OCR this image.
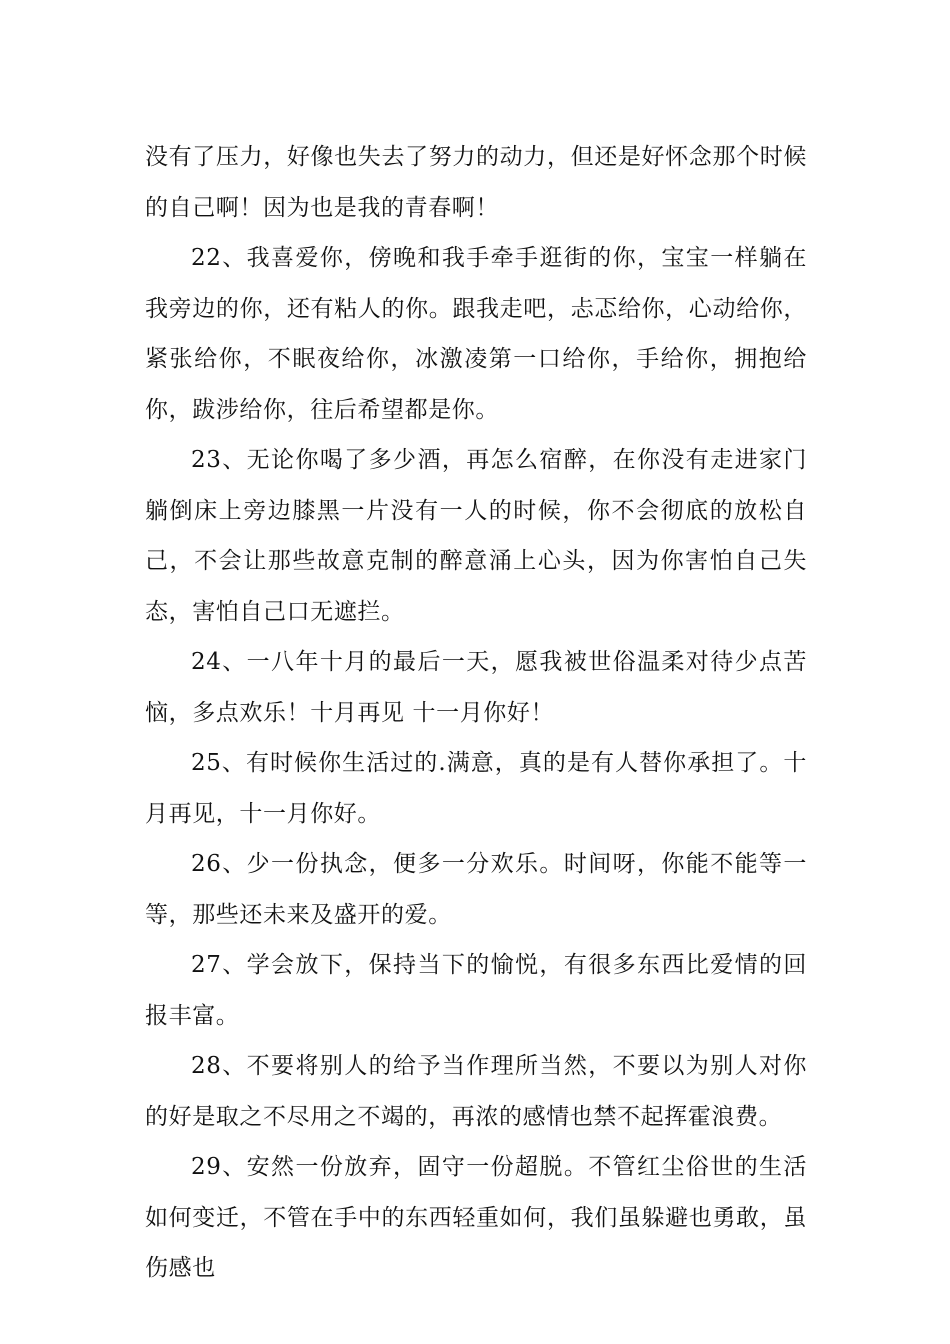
没有了压力，好像也失去了努力的动力，但还是好怀念那个时候的自己啊！因为也是我的青春啊！

22、我喜爱你，傍晚和我手牵手逛街的你，宝宝一样躺在我旁边的你，还有粘人的你。跟我走吧，忐忑给你，心动给你，紧张给你，不眠夜给你，冰激凌第一口给你，手给你，拥抱给你，跋涉给你，往后希望都是你。

23、无论你喝了多少酒，再怎么宿醉，在你没有走进家门躺倒床上旁边膝黑一片没有一人的时候，你不会彻底的放松自己，不会让那些故意克制的醉意涌上心头，因为你害怕自己失态，害怕自己口无遮拦。

24、一八年十月的最后一天，愿我被世俗温柔对待少点苦恼，多点欢乐！十月再见 十一月你好！

25、有时候你生活过的.满意，真的是有人替你承担了。十月再见，十一月你好。

26、少一份执念，便多一分欢乐。时间呀，你能不能等一等，那些还未来及盛开的爱。

27、学会放下，保持当下的愉悦，有很多东西比爱情的回报丰富。

28、不要将别人的给予当作理所当然，不要以为别人对你的好是取之不尽用之不竭的，再浓的感情也禁不起挥霍浪费。

29、安然一份放弃，固守一份超脱。不管红尘俗世的生活如何变迁，不管在手中的东西轻重如何，我们虽躲避也勇敢，虽伤感也
